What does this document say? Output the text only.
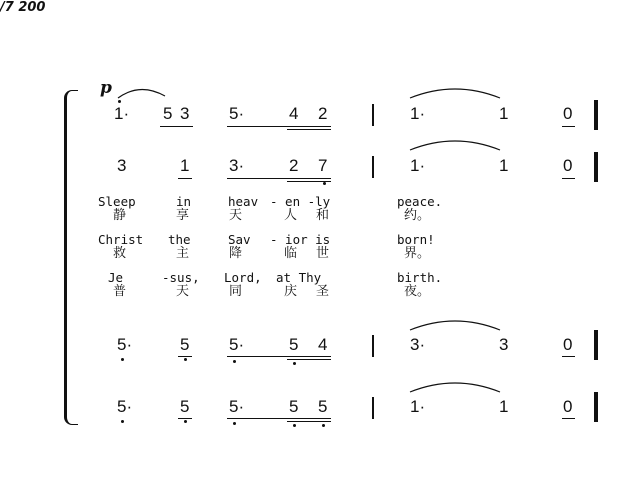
/7 200
p
1· 5 3 5·	4 2	1·	1	0
3	1 3·	2 7	1·	1	0
Sleep	in	heav - en -ly	peace.
静	享	天	人 和	约。
Christ the	Sav - ior is	born!
救	主	降	临 世	界。
Je	-sus, Lord, at Thy	birth.
普	天	同	庆 圣	夜。
5·	5 5·	5 4	3·	3	0
5·	5 5·	5 5	1·	1	0
